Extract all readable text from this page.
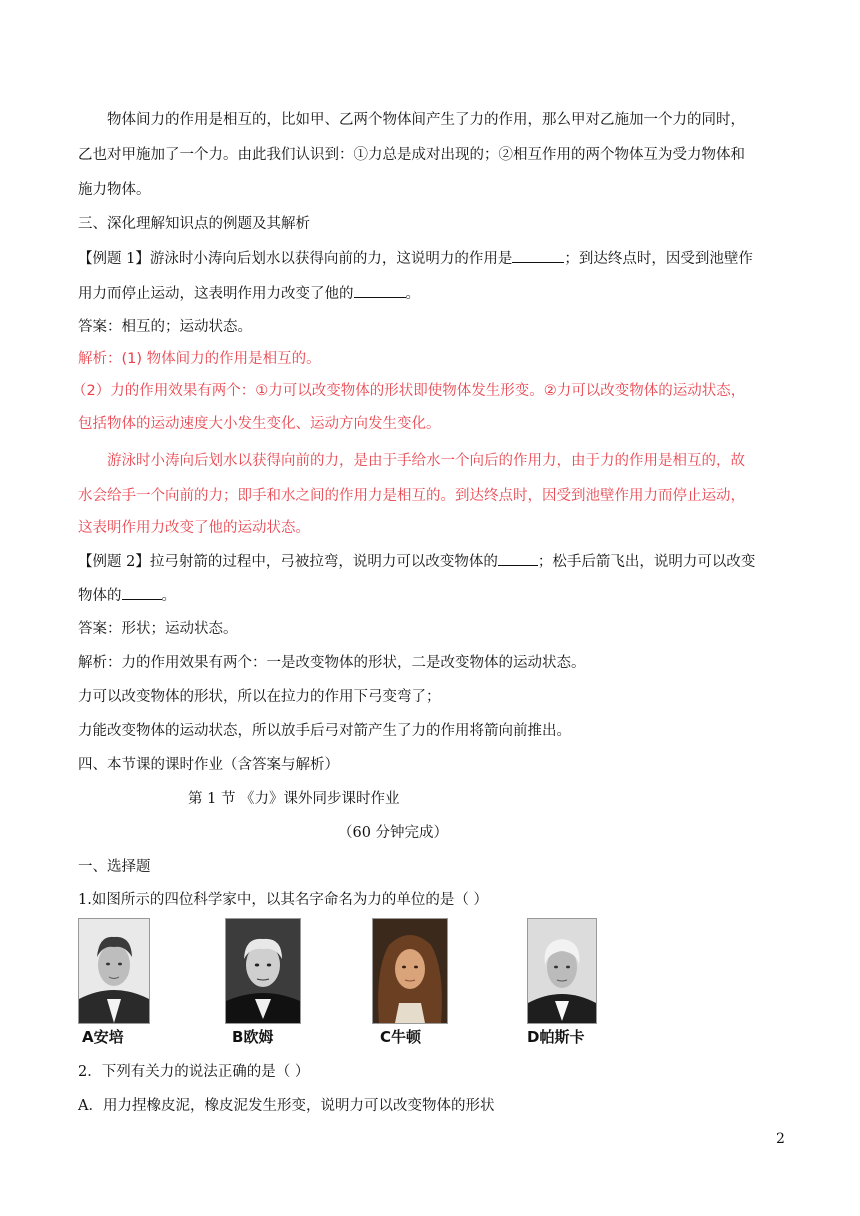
物体间力的作用是相互的，比如甲、乙两个物体间产生了力的作用，那么甲对乙施加一个力的同时，
乙也对甲施加了一个力。由此我们认识到：①力总是成对出现的；②相互作用的两个物体互为受力物体和
施力物体。
三、深化理解知识点的例题及其解析
【例题 1】游泳时小涛向后划水以获得向前的力，这说明力的作用是	；到达终点时，因受到池壁作
用力而停止运动，这表明作用力改变了他的	。
答案：相互的；运动状态。
解析：(1) 物体间力的作用是相互的。
（2）力的作用效果有两个：①力可以改变物体的形状即使物体发生形变。②力可以改变物体的运动状态，
包括物体的运动速度大小发生变化、运动方向发生变化。
游泳时小涛向后划水以获得向前的力，是由于手给水一个向后的作用力，由于力的作用是相互的，故
水会给手一个向前的力；即手和水之间的作用力是相互的。到达终点时，因受到池壁作用力而停止运动，
这表明作用力改变了他的运动状态。
【例题 2】拉弓射箭的过程中，弓被拉弯，说明力可以改变物体的	；松手后箭飞出，说明力可以改变
物体的	。
答案：形状；运动状态。
解析：力的作用效果有两个：一是改变物体的形状，二是改变物体的运动状态。
力可以改变物体的形状，所以在拉力的作用下弓变弯了；
力能改变物体的运动状态，所以放手后弓对箭产生了力的作用将箭向前推出。
四、本节课的课时作业（含答案与解析）
第 1 节 《力》课外同步课时作业
（60 分钟完成）
一、选择题
1.如图所示的四位科学家中，以其名字命名为力的单位的是（ ）
A安培	B欧姆	C牛顿	D帕斯卡
2．下列有关力的说法正确的是（ ）
A．用力捏橡皮泥，橡皮泥发生形变，说明力可以改变物体的形状
2
